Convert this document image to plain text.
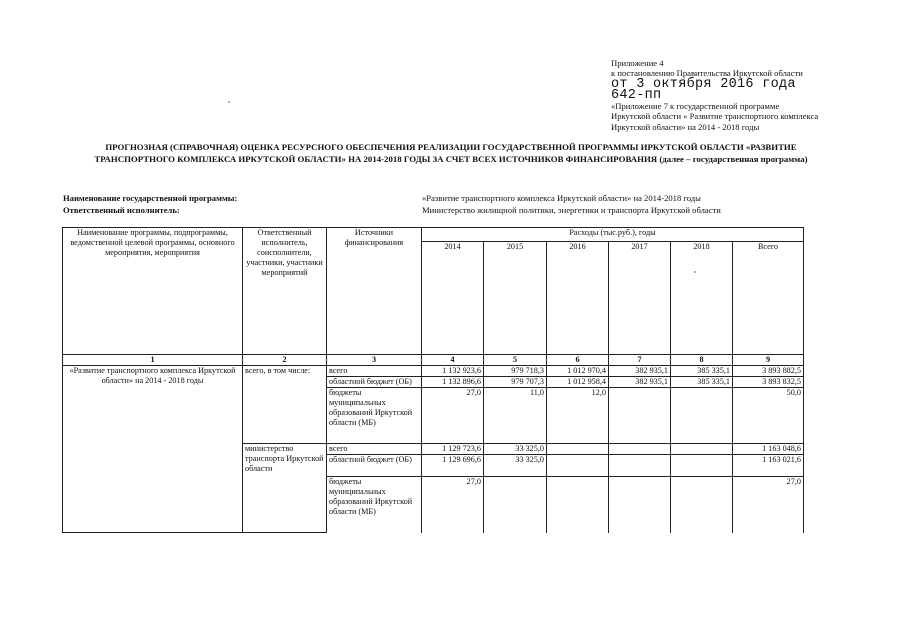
Приложение 4
к постановлению Правительства Иркутской области
от 3 октября 2016 года
642-пп
«Приложение 7 к государственной программе
Иркутской области « Развитие транспортного комплекса
Иркутской области» на 2014 - 2018 годы
ПРОГНОЗНАЯ (СПРАВОЧНАЯ) ОЦЕНКА РЕСУРСНОГО ОБЕСПЕЧЕНИЯ РЕАЛИЗАЦИИ ГОСУДАРСТВЕННОЙ ПРОГРАММЫ ИРКУТСКОЙ ОБЛАСТИ «РАЗВИТИЕ
ТРАНСПОРТНОГО КОМПЛЕКСА ИРКУТСКОЙ ОБЛАСТИ» НА 2014-2018 ГОДЫ ЗА СЧЕТ ВСЕХ ИСТОЧНИКОВ ФИНАНСИРОВАНИЯ (далее – государственная программа)
Наименование государственной программы:
Ответственный исполнитель:
«Развитие транспортного комплекса Иркутской области» на 2014-2018 годы
Министерство жилищной политики, энергетики и транспорта Иркутской области
Наименование программы, подпрограммы, ведомственной целевой программы, основного мероприятия, мероприятия	Ответственный исполнитель, соисполнители, участники, участники мероприятий	Источники финансирования	Расходы (тыс.руб.), годы					
			2014	2015	2016	2017	2018	Всего
1	2	3	4	5	6	7	8	9
«Развитие транспортного комплекса Иркутской области» на 2014 - 2018 годы	всего, в том числе:	всего	1 132 923,6	979 718,3	1 012 970,4	382 935,1	385 335,1	3 893 882,5
		областной бюджет (ОБ)	1 132 896,6	979 707,3	1 012 958,4	382 935,1	385 335,1	3 893 832,5
		бюджеты муниципальных образований Иркутской области (МБ)	27,0	11,0	12,0			50,0
	министерство транспорта Иркутской области	всего	1 129 723,6	33 325,0				1 163 048,6
		областной бюджет (ОБ)	1 129 696,6	33 325,0				1 163 021,6
		бюджеты муниципальных образований Иркутской области (МБ)	27,0					27,0
